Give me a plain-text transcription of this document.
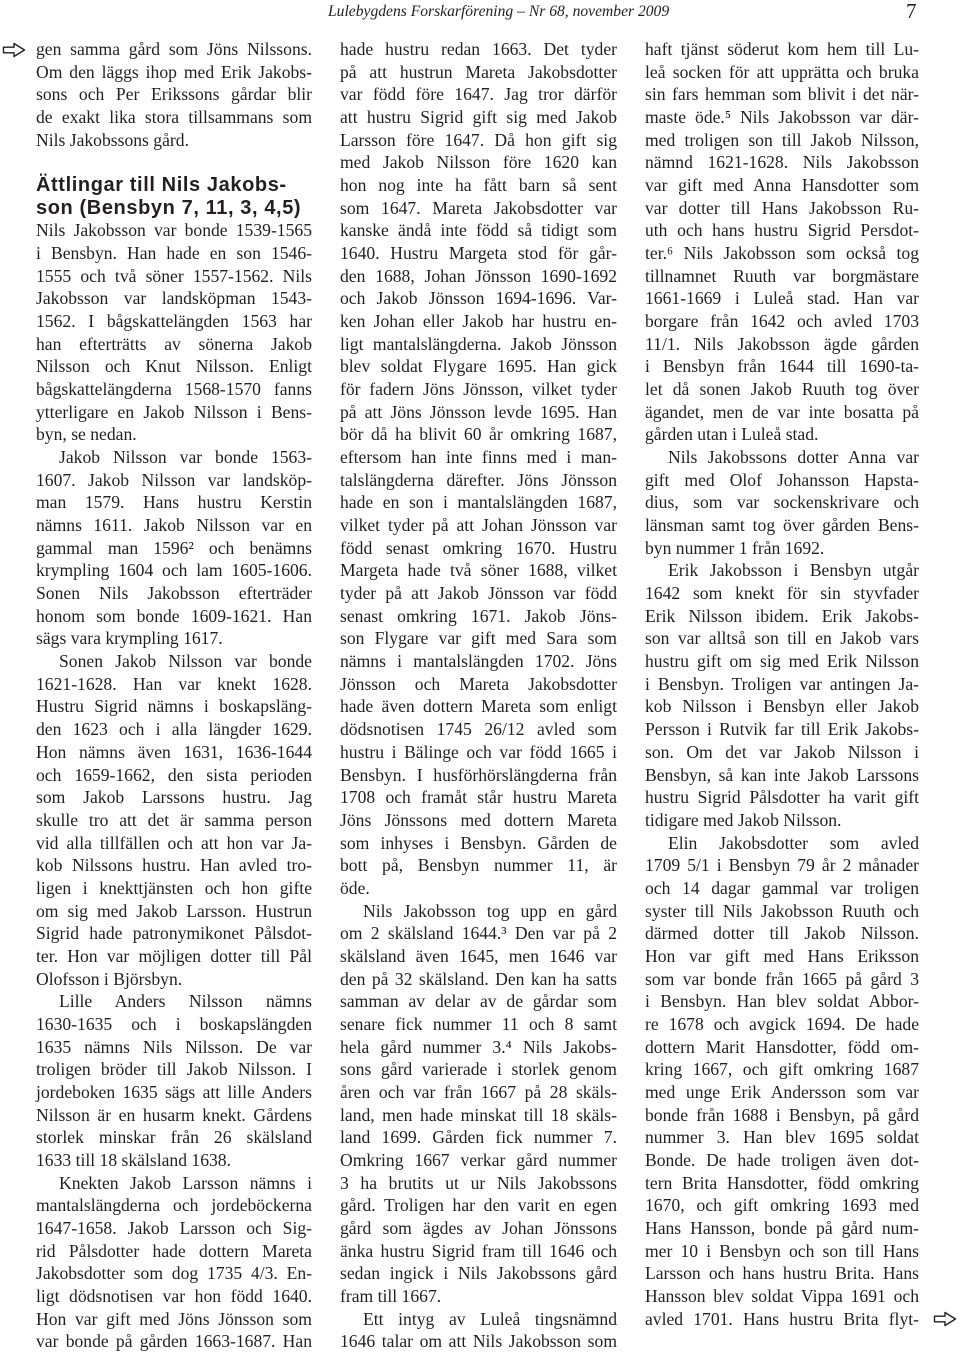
Lulebygdens Forskarförening – Nr 68, november 2009	7
gen samma gård som Jöns Nilssons.
Om den läggs ihop med Erik Jakobs-
sons och Per Erikssons gårdar blir
de exakt lika stora tillsammans som
Nils Jakobssons gård.
Ättlingar till Nils Jakobs-
son (Bensbyn 7, 11, 3, 4,5)
Nils Jakobsson var bonde 1539-1565
i Bensbyn. Han hade en son 1546-
1555 och två söner 1557-1562. Nils
Jakobsson var landsköpman 1543-
1562. I bågskattelängden 1563 har
han efterträtts av sönerna Jakob
Nilsson och Knut Nilsson. Enligt
bågskattelängderna 1568-1570 fanns
ytterligare en Jakob Nilsson i Bens-
byn, se nedan.
Jakob Nilsson var bonde 1563-
1607. Jakob Nilsson var landsköp-
man 1579. Hans hustru Kerstin
nämns 1611. Jakob Nilsson var en
gammal man 1596² och benämns
krympling 1604 och lam 1605-1606.
Sonen Nils Jakobsson efterträder
honom som bonde 1609-1621. Han
sägs vara krympling 1617.
Sonen Jakob Nilsson var bonde
1621-1628. Han var knekt 1628.
Hustru Sigrid nämns i boskapsläng-
den 1623 och i alla längder 1629.
Hon nämns även 1631, 1636-1644
och 1659-1662, den sista perioden
som Jakob Larssons hustru. Jag
skulle tro att det är samma person
vid alla tillfällen och att hon var Ja-
kob Nilssons hustru. Han avled tro-
ligen i knekttjänsten och hon gifte
om sig med Jakob Larsson. Hustrun
Sigrid hade patronymikonet Pålsdot-
ter. Hon var möjligen dotter till Pål
Olofsson i Björsbyn.
Lille Anders Nilsson nämns
1630-1635 och i boskapslängden
1635 nämns Nils Nilsson. De var
troligen bröder till Jakob Nilsson. I
jordeboken 1635 sägs att lille Anders
Nilsson är en husarm knekt. Gårdens
storlek minskar från 26 skälsland
1633 till 18 skälsland 1638.
Knekten Jakob Larsson nämns i
mantalslängderna och jordeböckerna
1647-1658. Jakob Larsson och Sig-
rid Pålsdotter hade dottern Mareta
Jakobsdotter som dog 1735 4/3. En-
ligt dödsnotisen var hon född 1640.
Hon var gift med Jöns Jönsson som
var bonde på gården 1663-1687. Han
hade hustru redan 1663. Det tyder
på att hustrun Mareta Jakobsdotter
var född före 1647. Jag tror därför
att hustru Sigrid gift sig med Jakob
Larsson före 1647. Då hon gift sig
med Jakob Nilsson före 1620 kan
hon nog inte ha fått barn så sent
som 1647. Mareta Jakobsdotter var
kanske ändå inte född så tidigt som
1640. Hustru Margeta stod för går-
den 1688, Johan Jönsson 1690-1692
och Jakob Jönsson 1694-1696. Var-
ken Johan eller Jakob har hustru en-
ligt mantalslängderna. Jakob Jönsson
blev soldat Flygare 1695. Han gick
för fadern Jöns Jönsson, vilket tyder
på att Jöns Jönsson levde 1695. Han
bör då ha blivit 60 år omkring 1687,
eftersom han inte finns med i man-
talslängderna därefter. Jöns Jönsson
hade en son i mantalslängden 1687,
vilket tyder på att Johan Jönsson var
född senast omkring 1670. Hustru
Margeta hade två söner 1688, vilket
tyder på att Jakob Jönsson var född
senast omkring 1671. Jakob Jöns-
son Flygare var gift med Sara som
nämns i mantalslängden 1702. Jöns
Jönsson och Mareta Jakobsdotter
hade även dottern Mareta som enligt
dödsnotisen 1745 26/12 avled som
hustru i Bälinge och var född 1665 i
Bensbyn. I husförhörslängderna från
1708 och framåt står hustru Mareta
Jöns Jönssons med dottern Mareta
som inhyses i Bensbyn. Gården de
bott på, Bensbyn nummer 11, är
öde.
Nils Jakobsson tog upp en gård
om 2 skälsland 1644.³ Den var på 2
skälsland även 1645, men 1646 var
den på 32 skälsland. Den kan ha satts
samman av delar av de gårdar som
senare fick nummer 11 och 8 samt
hela gård nummer 3.⁴ Nils Jakobs-
sons gård varierade i storlek genom
åren och var från 1667 på 28 skäls-
land, men hade minskat till 18 skäls-
land 1699. Gården fick nummer 7.
Omkring 1667 verkar gård nummer
3 ha brutits ut ur Nils Jakobssons
gård. Troligen har den varit en egen
gård som ägdes av Johan Jönssons
änka hustru Sigrid fram till 1646 och
sedan ingick i Nils Jakobssons gård
fram till 1667.
Ett intyg av Luleå tingsnämnd
1646 talar om att Nils Jakobsson som
haft tjänst söderut kom hem till Lu-
leå socken för att upprätta och bruka
sin fars hemman som blivit i det när-
maste öde.⁵ Nils Jakobsson var där-
med troligen son till Jakob Nilsson,
nämnd 1621-1628. Nils Jakobsson
var gift med Anna Hansdotter som
var dotter till Hans Jakobsson Ru-
uth och hans hustru Sigrid Persdot-
ter.⁶ Nils Jakobsson som också tog
tillnamnet Ruuth var borgmästare
1661-1669 i Luleå stad. Han var
borgare från 1642 och avled 1703
11/1. Nils Jakobsson ägde gården
i Bensbyn från 1644 till 1690-ta-
let då sonen Jakob Ruuth tog över
ägandet, men de var inte bosatta på
gården utan i Luleå stad.
Nils Jakobssons dotter Anna var
gift med Olof Johansson Hapsta-
dius, som var sockenskrivare och
länsman samt tog över gården Bens-
byn nummer 1 från 1692.
Erik Jakobsson i Bensbyn utgår
1642 som knekt för sin styvfader
Erik Nilsson ibidem. Erik Jakobs-
son var alltså son till en Jakob vars
hustru gift om sig med Erik Nilsson
i Bensbyn. Troligen var antingen Ja-
kob Nilsson i Bensbyn eller Jakob
Persson i Rutvik far till Erik Jakobs-
son. Om det var Jakob Nilsson i
Bensbyn, så kan inte Jakob Larssons
hustru Sigrid Pålsdotter ha varit gift
tidigare med Jakob Nilsson.
Elin Jakobsdotter som avled
1709 5/1 i Bensbyn 79 år 2 månader
och 14 dagar gammal var troligen
syster till Nils Jakobsson Ruuth och
därmed dotter till Jakob Nilsson.
Hon var gift med Hans Eriksson
som var bonde från 1665 på gård 3
i Bensbyn. Han blev soldat Abbor-
re 1678 och avgick 1694. De hade
dottern Marit Hansdotter, född om-
kring 1667, och gift omkring 1687
med unge Erik Andersson som var
bonde från 1688 i Bensbyn, på gård
nummer 3. Han blev 1695 soldat
Bonde. De hade troligen även dot-
tern Brita Hansdotter, född omkring
1670, och gift omkring 1693 med
Hans Hansson, bonde på gård num-
mer 10 i Bensbyn och son till Hans
Larsson och hans hustru Brita. Hans
Hansson blev soldat Vippa 1691 och
avled 1701. Hans hustru Brita flyt-
